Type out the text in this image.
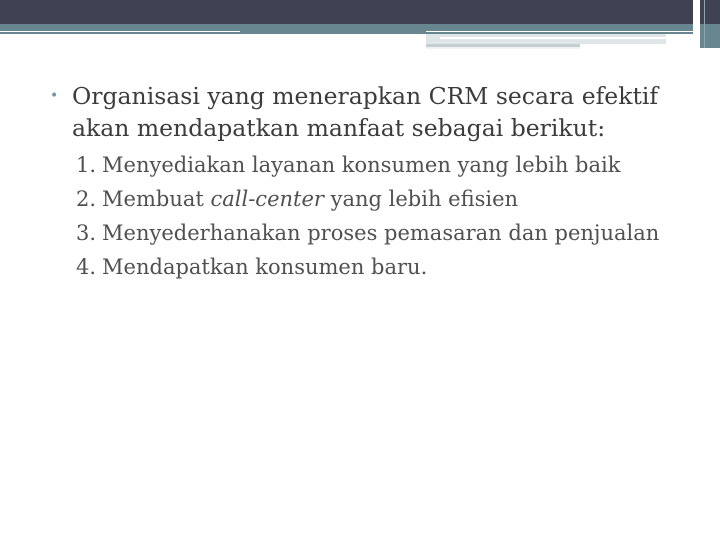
• Organisasi yang menerapkan CRM secara efektif akan mendapatkan manfaat sebagai berikut:
1. Menyediakan layanan konsumen yang lebih baik
2. Membuat call-center yang lebih efisien
3. Menyederhanakan proses pemasaran dan penjualan
4. Mendapatkan konsumen baru.
